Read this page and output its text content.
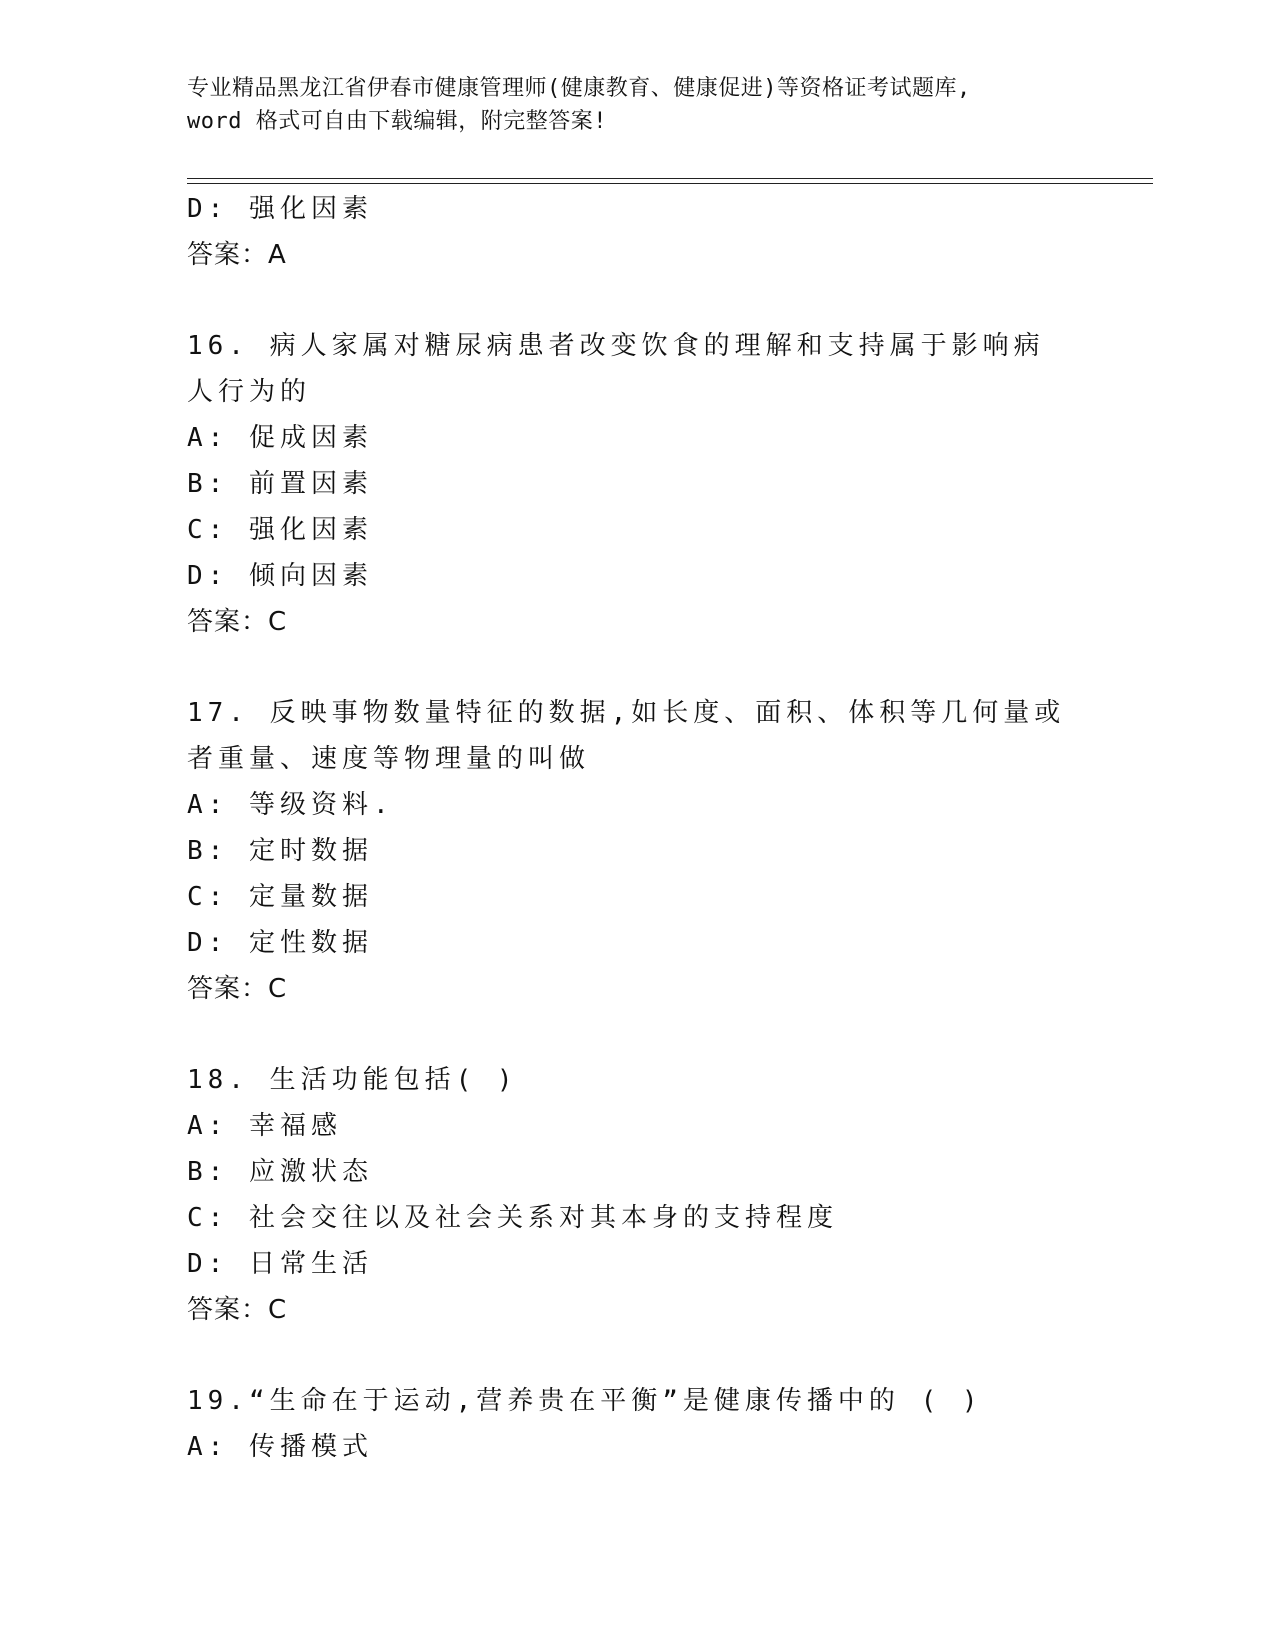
专业精品黑龙江省伊春市健康管理师(健康教育、健康促进)等资格证考试题库,
word 格式可自由下载编辑，附完整答案!
D: 强化因素
答案：A
16. 病人家属对糖尿病患者改变饮食的理解和支持属于影响病人行为的
A: 促成因素
B: 前置因素
C: 强化因素
D: 倾向因素
答案：C
17. 反映事物数量特征的数据,如长度、面积、体积等几何量或者重量、速度等物理量的叫做
A: 等级资料.
B: 定时数据
C: 定量数据
D: 定性数据
答案：C
18. 生活功能包括( )
A: 幸福感
B: 应激状态
C: 社会交往以及社会关系对其本身的支持程度
D: 日常生活
答案：C
19.“生命在于运动,营养贵在平衡”是健康传播中的 ( )
A: 传播模式
